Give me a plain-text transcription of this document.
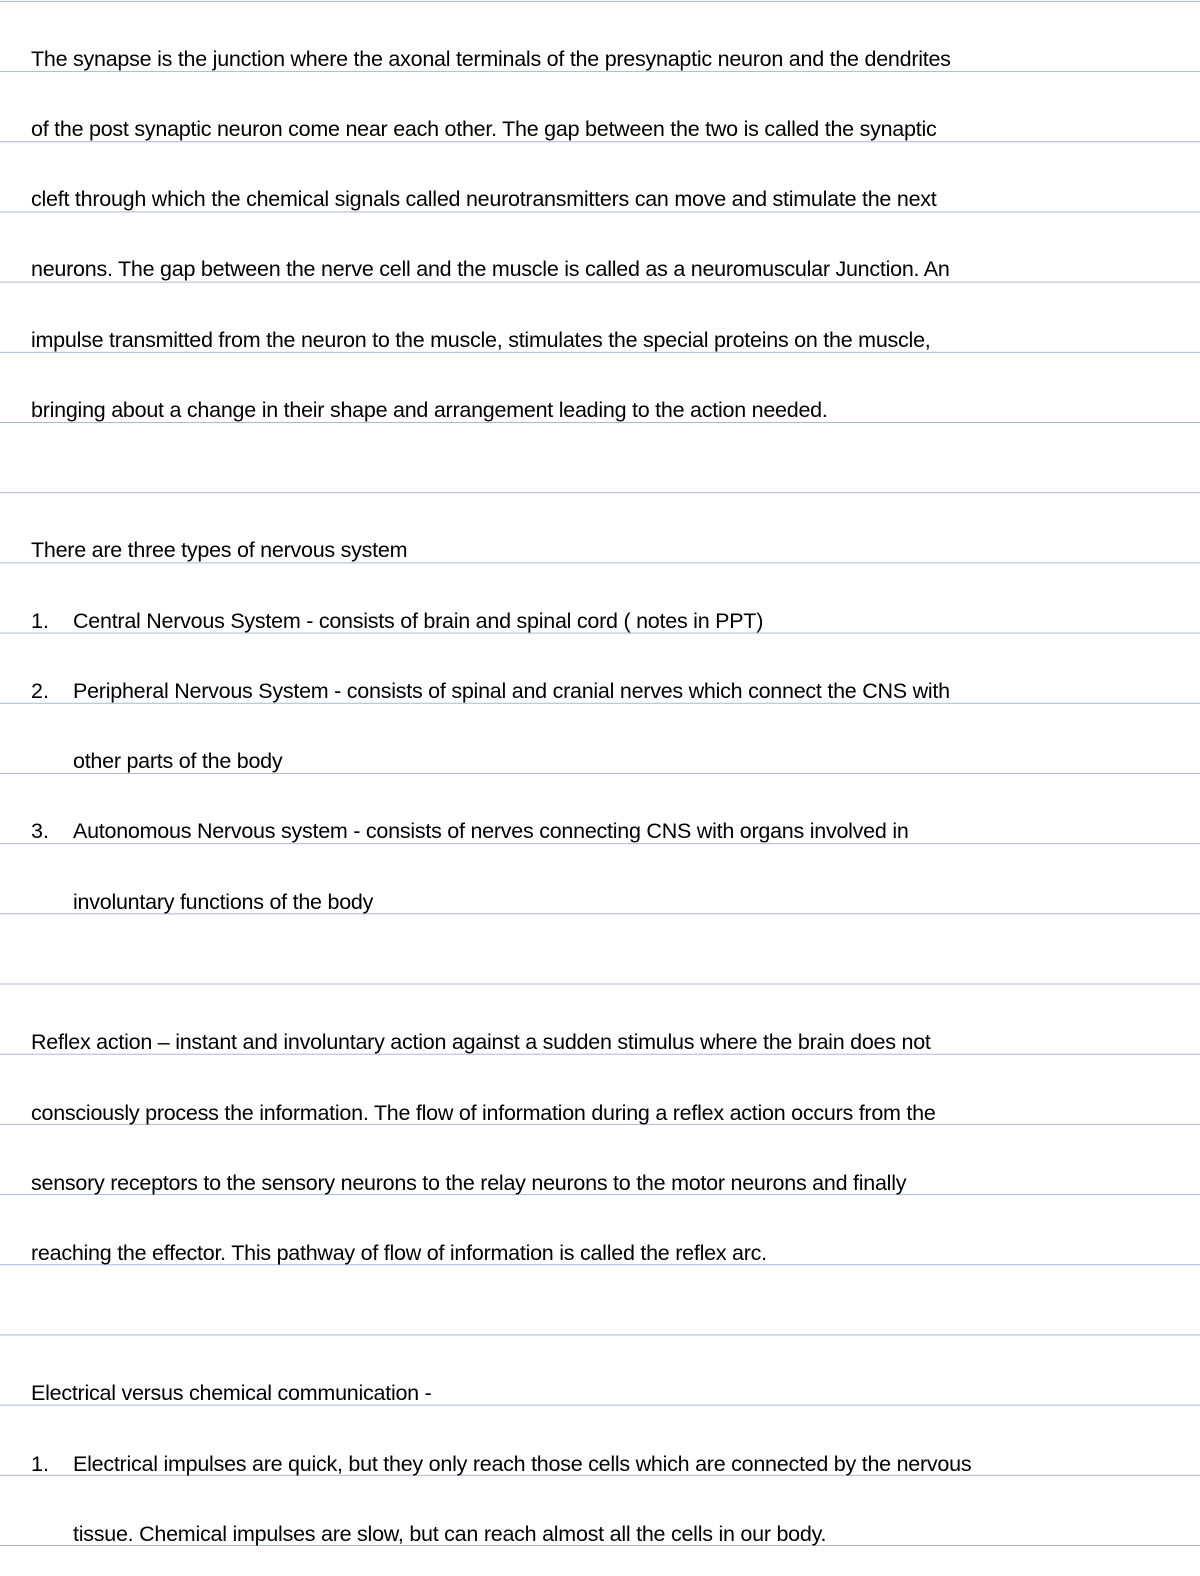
The synapse is the junction where the axonal terminals of the presynaptic neuron and the dendrites
of the post synaptic neuron come near each other. The gap between the two is called the synaptic
cleft through which the chemical signals called neurotransmitters can move and stimulate the next
neurons. The gap between the nerve cell and the muscle is called as a neuromuscular Junction. An
impulse transmitted from the neuron to the muscle, stimulates the special proteins on the muscle,
bringing about a change in their shape and arrangement leading to the action needed.
There are three types of nervous system
1. Central Nervous System - consists of brain and spinal cord ( notes in PPT)
2. Peripheral Nervous System - consists of spinal and cranial nerves which connect the CNS with
other parts of the body
3. Autonomous Nervous system - consists of nerves connecting CNS with organs involved in
involuntary functions of the body
Reflex action – instant and involuntary action against a sudden stimulus where the brain does not
consciously process the information. The flow of information during a reflex action occurs from the
sensory receptors to the sensory neurons to the relay neurons to the motor neurons and finally
reaching the effector. This pathway of flow of information is called the reflex arc.
Electrical versus chemical communication -
1. Electrical impulses are quick, but they only reach those cells which are connected by the nervous
tissue. Chemical impulses are slow, but can reach almost all the cells in our body.
